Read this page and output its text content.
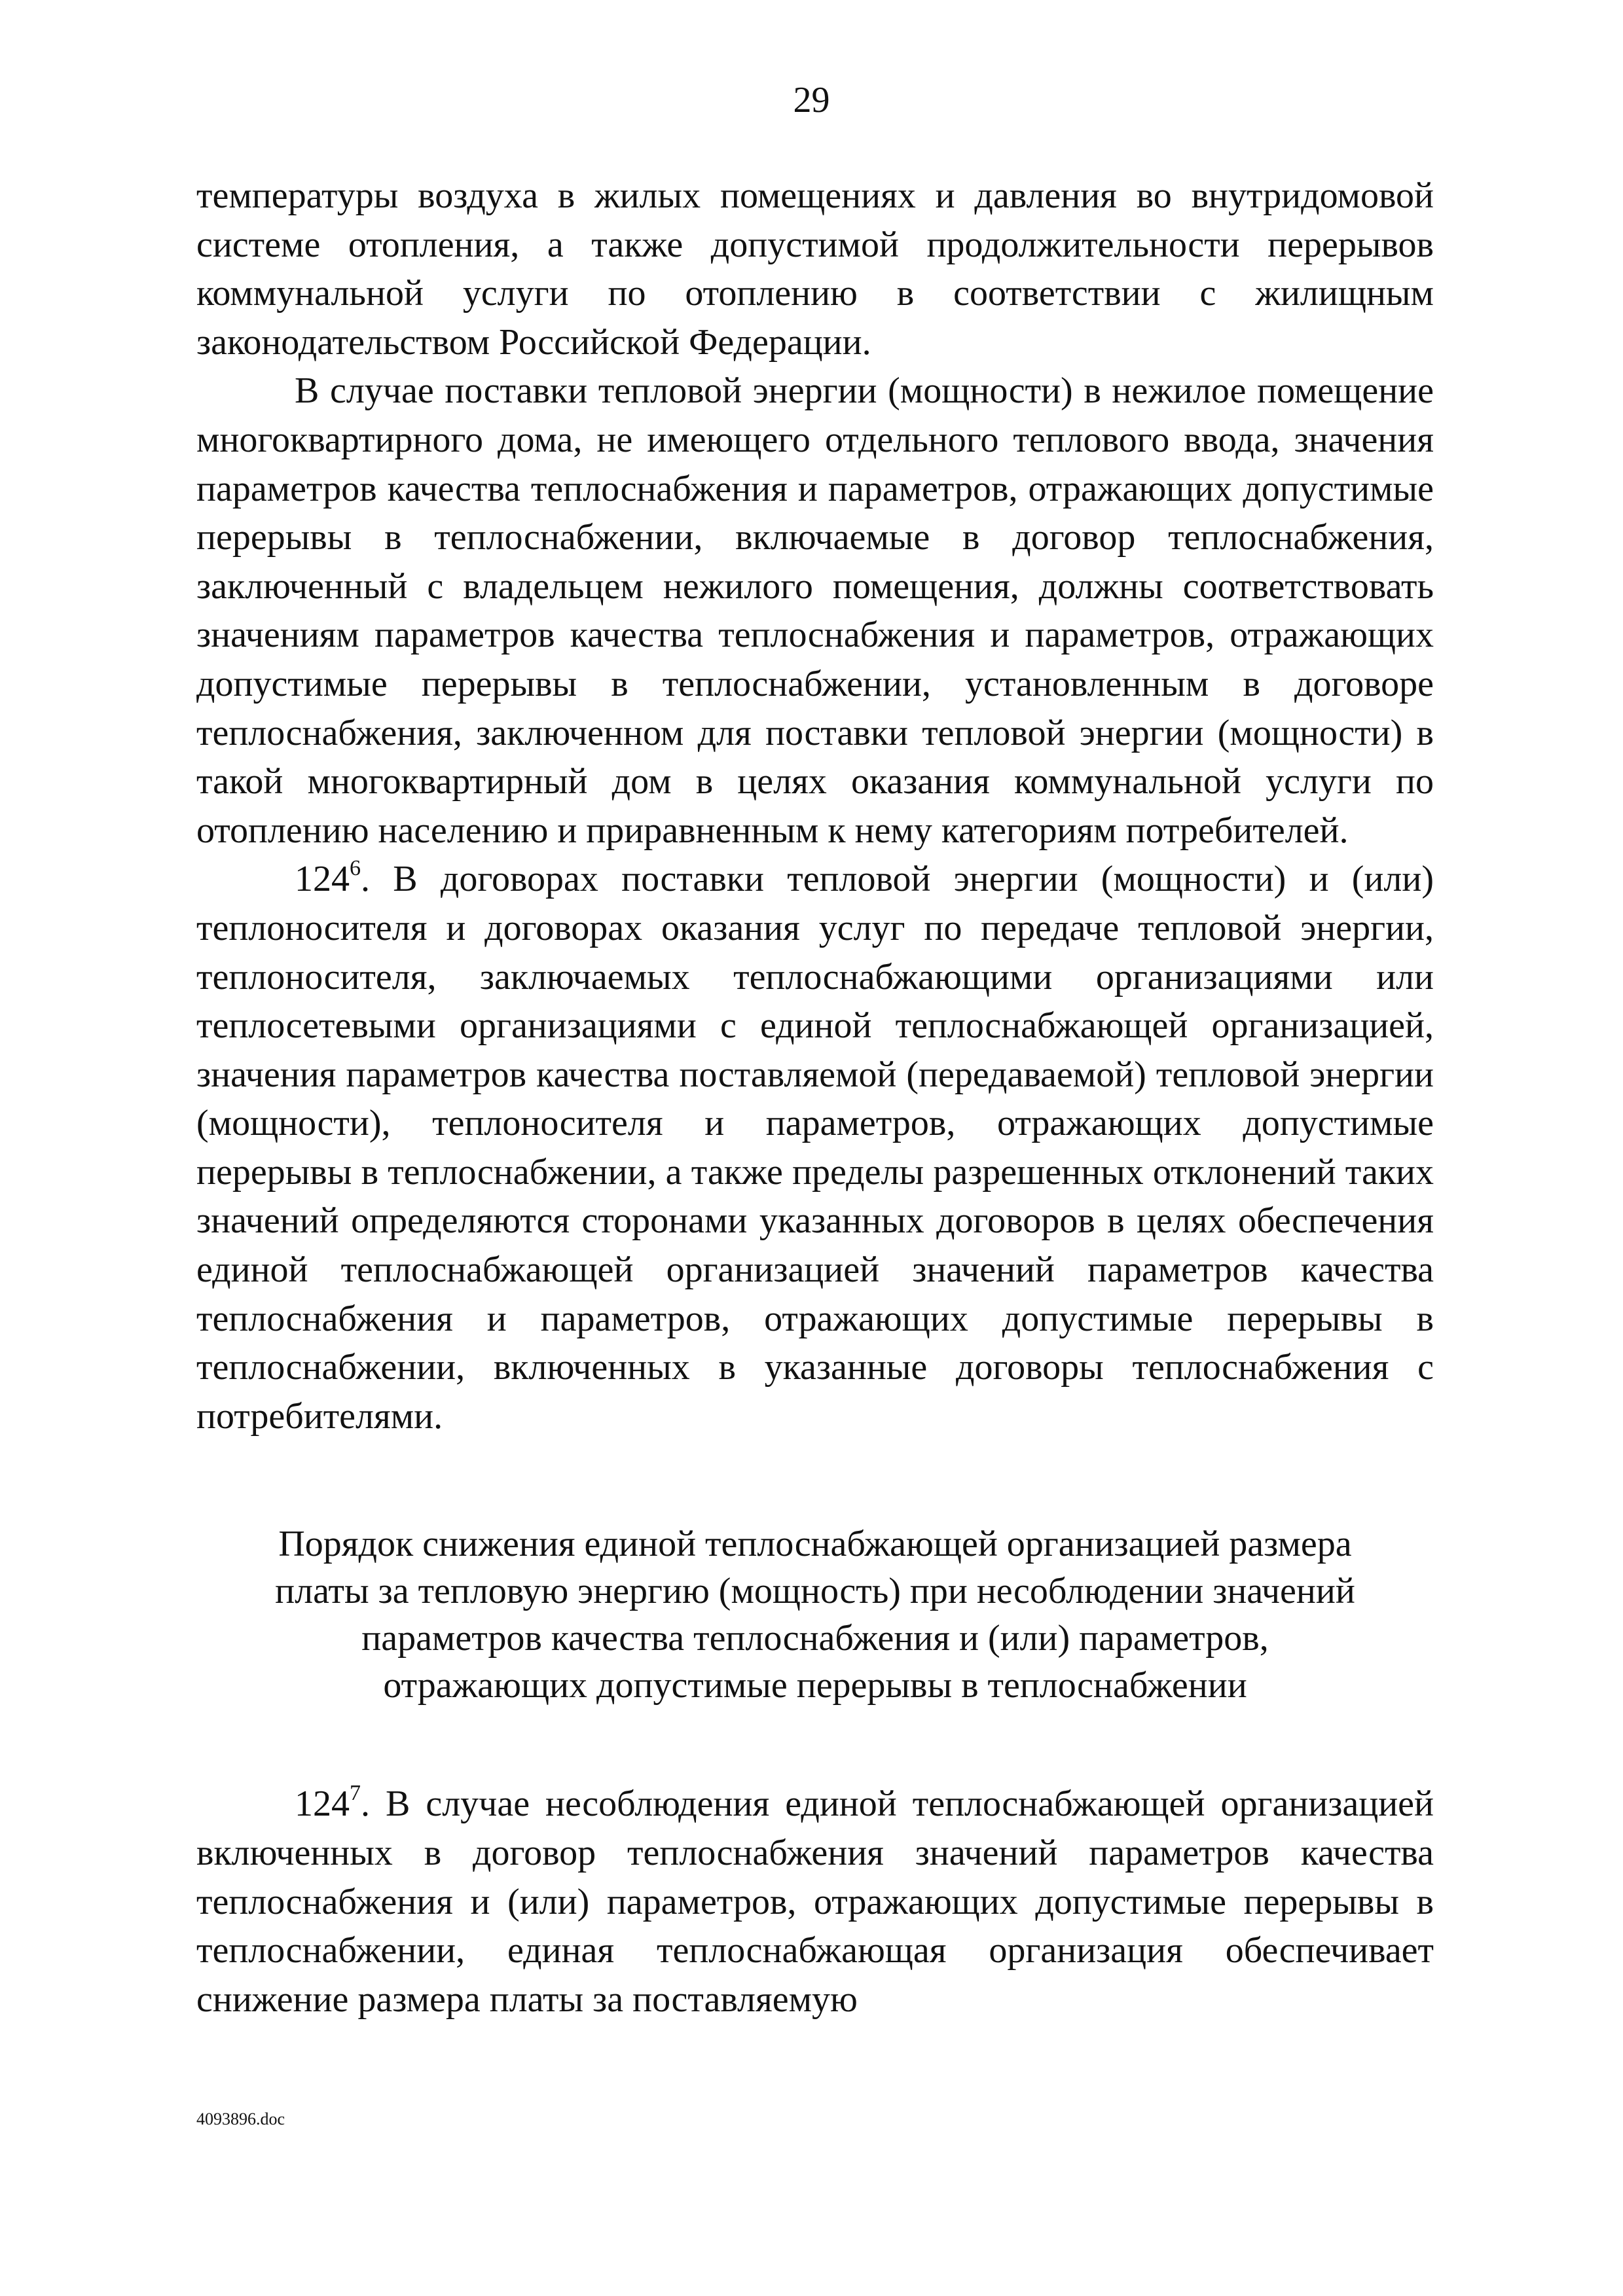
29

температуры воздуха в жилых помещениях и давления во внутридомовой системе отопления, а также допустимой продолжительности перерывов коммунальной услуги по отоплению в соответствии с жилищным законодательством Российской Федерации.

В случае поставки тепловой энергии (мощности) в нежилое помещение многоквартирного дома, не имеющего отдельного теплового ввода, значения параметров качества теплоснабжения и параметров, отражающих допустимые перерывы в теплоснабжении, включаемые в договор теплоснабжения, заключенный с владельцем нежилого помещения, должны соответствовать значениям параметров качества теплоснабжения и параметров, отражающих допустимые перерывы в теплоснабжении, установленным в договоре теплоснабжения, заключенном для поставки тепловой энергии (мощности) в такой многоквартирный дом в целях оказания коммунальной услуги по отоплению населению и приравненным к нему категориям потребителей.

$124^6$. В договорах поставки тепловой энергии (мощности) и (или) теплоносителя и договорах оказания услуг по передаче тепловой энергии, теплоносителя, заключаемых теплоснабжающими организациями или теплосетевыми организациями с единой теплоснабжающей организацией, значения параметров качества поставляемой (передаваемой) тепловой энергии (мощности), теплоносителя и параметров, отражающих допустимые перерывы в теплоснабжении, а также пределы разрешенных отклонений таких значений определяются сторонами указанных договоров в целях обеспечения единой теплоснабжающей организацией значений параметров качества теплоснабжения и параметров, отражающих допустимые перерывы в теплоснабжении, включенных в указанные договоры теплоснабжения с потребителями.

Порядок снижения единой теплоснабжающей организацией размера
платы за тепловую энергию (мощность) при несоблюдении значений
параметров качества теплоснабжения и (или) параметров,
отражающих допустимые перерывы в теплоснабжении

$124^7$. В случае несоблюдения единой теплоснабжающей организацией включенных в договор теплоснабжения значений параметров качества теплоснабжения и (или) параметров, отражающих допустимые перерывы в теплоснабжении, единая теплоснабжающая организация обеспечивает снижение размера платы за поставляемую

4093896.doc
